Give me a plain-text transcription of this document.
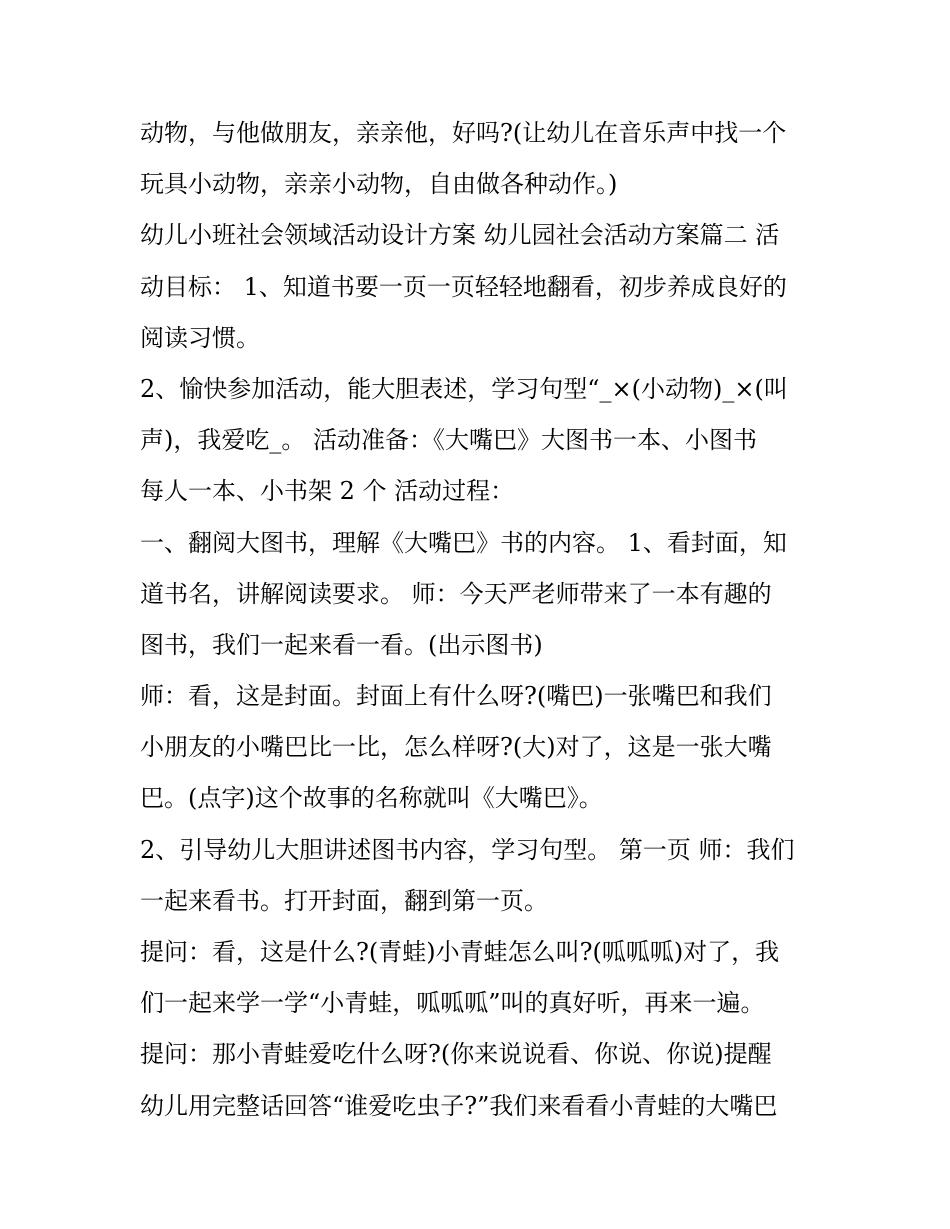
动物，与他做朋友，亲亲他，好吗?(让幼儿在音乐声中找一个
玩具小动物，亲亲小动物，自由做各种动作。)
幼儿小班社会领域活动设计方案 幼儿园社会活动方案篇二 活
动目标： 1、知道书要一页一页轻轻地翻看，初步养成良好的
阅读习惯。
2、愉快参加活动，能大胆表述，学习句型“_×(小动物)_×(叫
声)，我爱吃_。 活动准备：《大嘴巴》大图书一本、小图书
每人一本、小书架 2 个 活动过程：
一、翻阅大图书，理解《大嘴巴》书的内容。 1、看封面，知
道书名，讲解阅读要求。 师：今天严老师带来了一本有趣的
图书，我们一起来看一看。(出示图书)
师：看，这是封面。封面上有什么呀?(嘴巴)一张嘴巴和我们
小朋友的小嘴巴比一比，怎么样呀?(大)对了，这是一张大嘴
巴。(点字)这个故事的名称就叫《大嘴巴》。
2、引导幼儿大胆讲述图书内容，学习句型。 第一页 师：我们
一起来看书。打开封面，翻到第一页。
提问：看，这是什么?(青蛙)小青蛙怎么叫?(呱呱呱)对了，我
们一起来学一学“小青蛙，呱呱呱”叫的真好听，再来一遍。
提问：那小青蛙爱吃什么呀?(你来说说看、你说、你说)提醒
幼儿用完整话回答“谁爱吃虫子?”我们来看看小青蛙的大嘴巴
